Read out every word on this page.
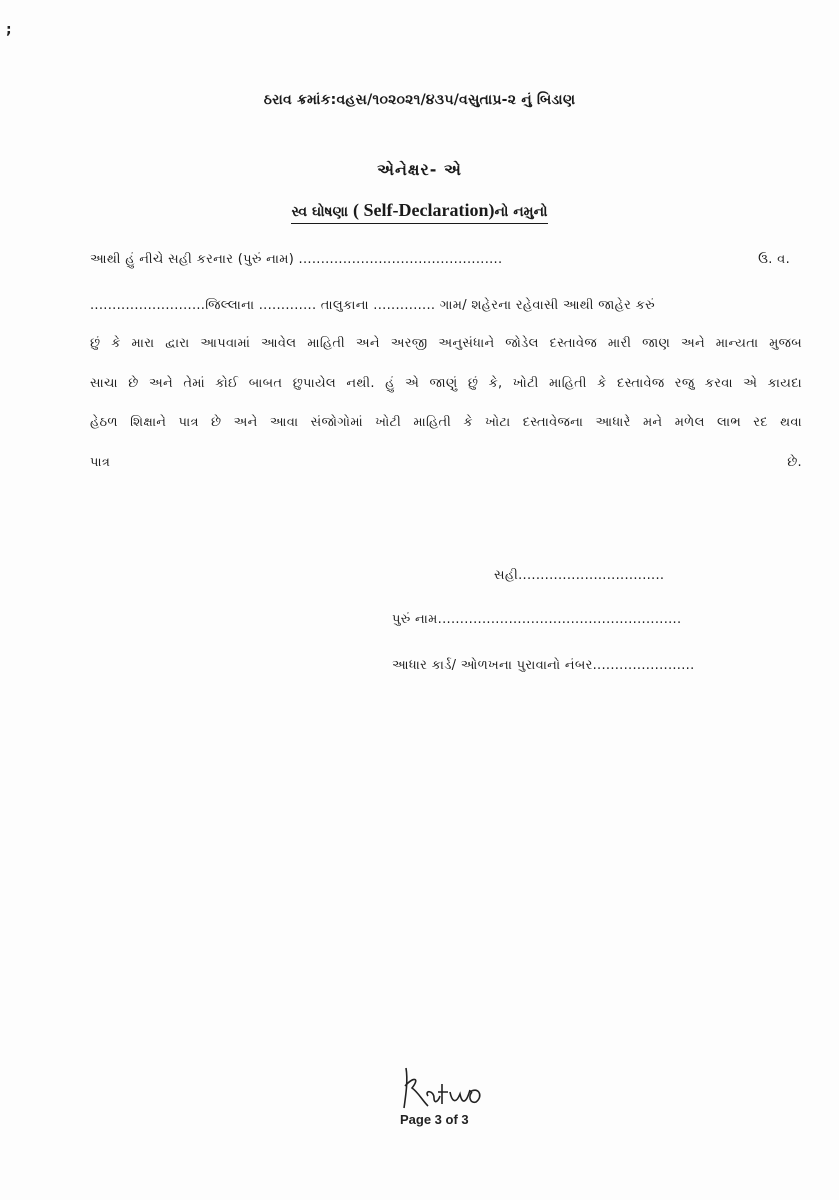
;
ઠરાવ ક્રમાંક:વહસ/૧૦૨૦૨૧/૪૩૫/વસુતાપ્ર-૨ નું બિડાણ
એનેક્ષર- એ
સ્વ ઘોષણા ( Self-Declaration)નો નમુનો
આથી હું નીચે સહી કરનાર (પુરું નામ) ..............................................	ઉ. વ.
..........................જિલ્લાના ............. તાલુકાના .............. ગામ/ શહેરના રહેવાસી આથી જાહેર કરું
છું કે મારા દ્વારા આપવામાં આવેલ માહિતી અને અરજી અનુસંધાને જોડેલ દસ્તાવેજ મારી જાણ અને માન્યતા મુજબ
સાચા છે અને તેમાં કોઈ બાબત છુપાયેલ નથી. હું એ જાણું છું કે, ખોટી માહિતી કે દસ્તાવેજ રજુ કરવા એ કાયદા
હેઠળ શિક્ષાને પાત્ર છે અને આવા સંજોગોમાં ખોટી માહિતી કે ખોટા દસ્તાવેજના આધારે મને મળેલ લાભ રદ થવા
પાત્ર છે.
સહી.................................
પુરું નામ.......................................................
આધાર કાર્ડ/ ઓળખના પુરાવાનો નંબર.......................
Page 3 of 3
